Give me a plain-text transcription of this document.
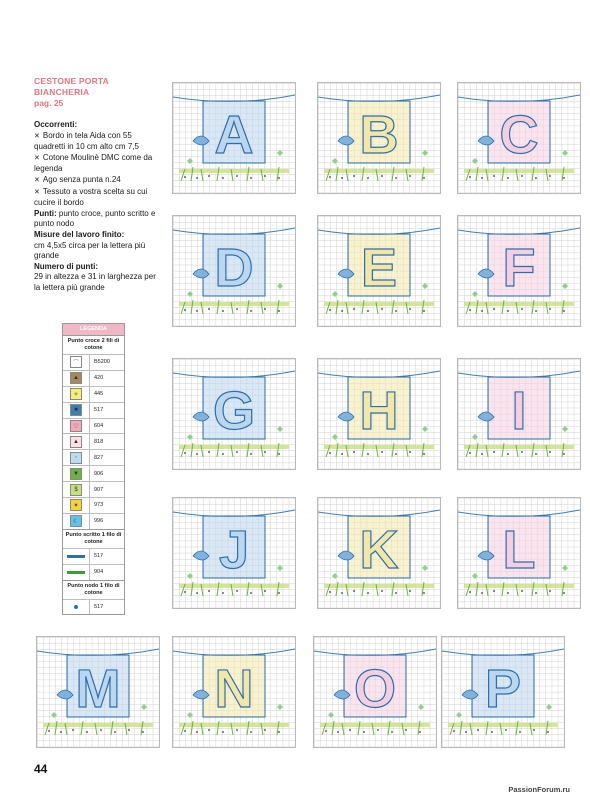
CESTONE PORTA BIANCHERIA
pag. 25
Occorrenti:
✕ Bordo in tela Aida con 55 quadretti in 10 cm alto cm 7,5
✕ Cotone Moulinè DMC come da legenda
✕ Ago senza punta n.24
✕ Tessuto a vostra scelta su cui cucire il bordo
Punti: punto croce, punto scritto e punto nodo
Misure del lavoro finito:
cm 4,5x5 circa per la lettera più grande
Numero di punti:
29 in altezza e 31 in larghezza per la lettera più grande
LEGENDA
Punto croce 2 fili di cotone
⌒	B5200
▲	420
✧	445
■	517
♡	604
▲	818
⸌	827
▼	906
$	907
✶	973
☾	996
Punto scritto 1 filo di cotone
517
904
Punto nodo 1 filo di cotone
517
A B C
D E F
G H I
J K L
M N O P
44
PassionForum.ru
